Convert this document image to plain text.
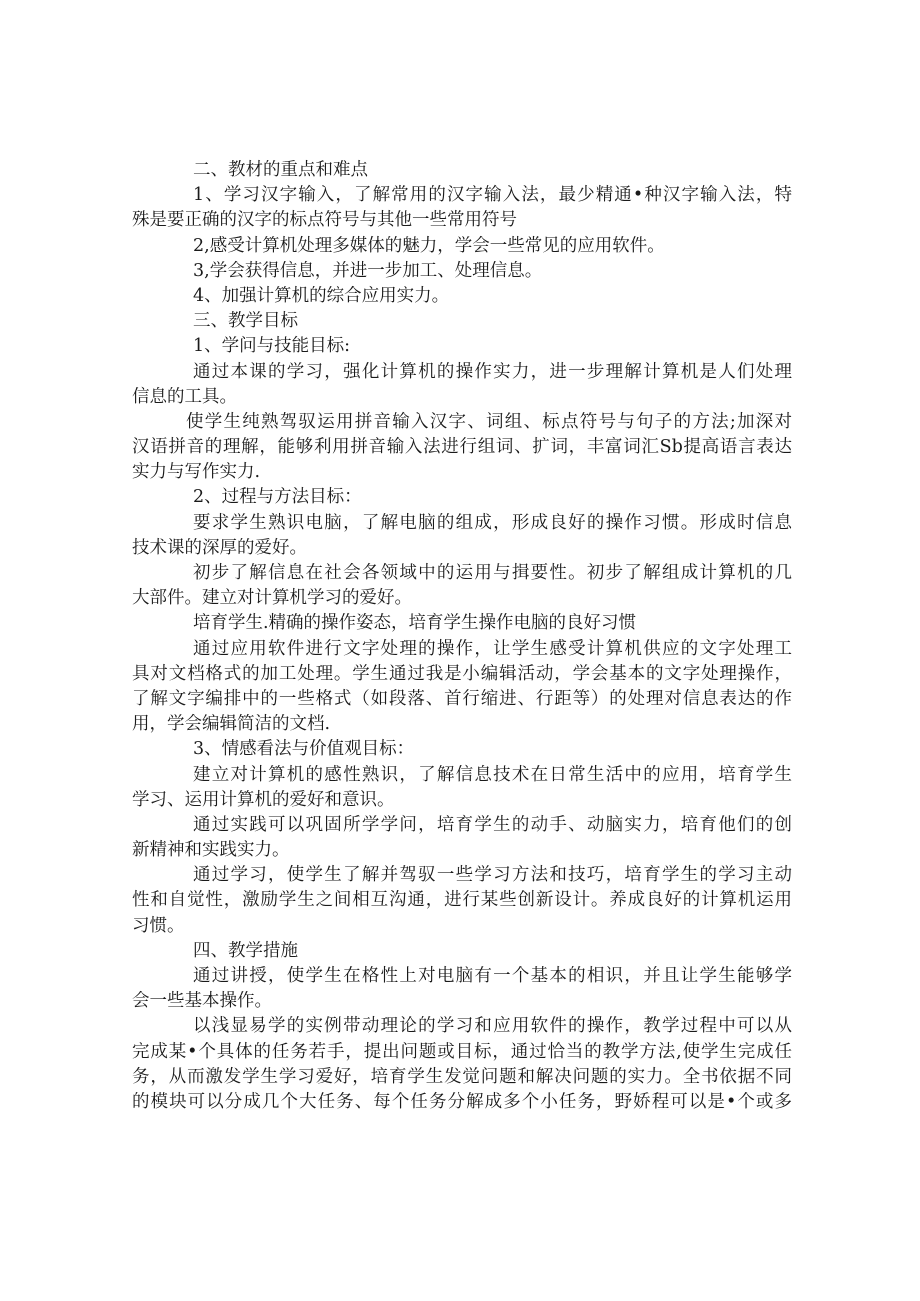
二、教材的重点和难点

1、学习汉字输入，了解常用的汉字输入法，最少精通•种汉字输入法，特

殊是要正确的汉字的标点符号与其他一些常用符号

2,感受计算机处理多媒体的魅力，学会一些常见的应用软件。

3,学会获得信息，并进一步加工、处理信息。

4、加强计算机的综合应用实力。

三、教学目标

1、学问与技能目标:

通过本课的学习，强化计算机的操作实力，进一步理解计算机是人们处理

信息的工具。

使学生纯熟驾驭运用拼音输入汉字、词组、标点符号与句子的方法;加深对

汉语拼音的理解，能够利用拼音输入法进行组词、扩词，丰富词汇Sb提高语言表达

实力与写作实力.

2、过程与方法目标：

要求学生熟识电脑，了解电脑的组成，形成良好的操作习惯。形成时信息

技术课的深厚的爱好。

初步了解信息在社会各领域中的运用与揖要性。初步了解组成计算机的几

大部件。建立对计算机学习的爱好。

培育学生.精确的操作姿态，培育学生操作电脑的良好习惯

通过应用软件进行文字处理的操作，让学生感受计算机供应的文字处理工

具对文档格式的加工处理。学生通过我是小编辑活动，学会基本的文字处理操作，

了解文字编排中的一些格式（如段落、首行缩进、行距等）的处理对信息表达的作

用，学会编辑简洁的文档.

3、情感看法与价值观目标：

建立对计算机的感性熟识，了解信息技术在日常生活中的应用，培育学生

学习、运用计算机的爱好和意识。

通过实践可以巩固所学学问，培育学生的动手、动脑实力，培育他们的创

新精神和实践实力。

通过学习，使学生了解并驾驭一些学习方法和技巧，培育学生的学习主动

性和自觉性，激励学生之间相互沟通，进行某些创新设计。养成良好的计算机运用

习惯。

四、教学措施

通过讲授，使学生在格性上对电脑有一个基本的相识，并且让学生能够学

会一些基本操作。

以浅显易学的实例带动理论的学习和应用软件的操作，教学过程中可以从

完成某•个具体的任务若手，提出问题或目标，通过恰当的教学方法,使学生完成任

务，从而激发学生学习爱好，培育学生发觉问题和解决问题的实力。全书依据不同

的模块可以分成几个大任务、每个任务分解成多个小任务，野娇程可以是•个或多
